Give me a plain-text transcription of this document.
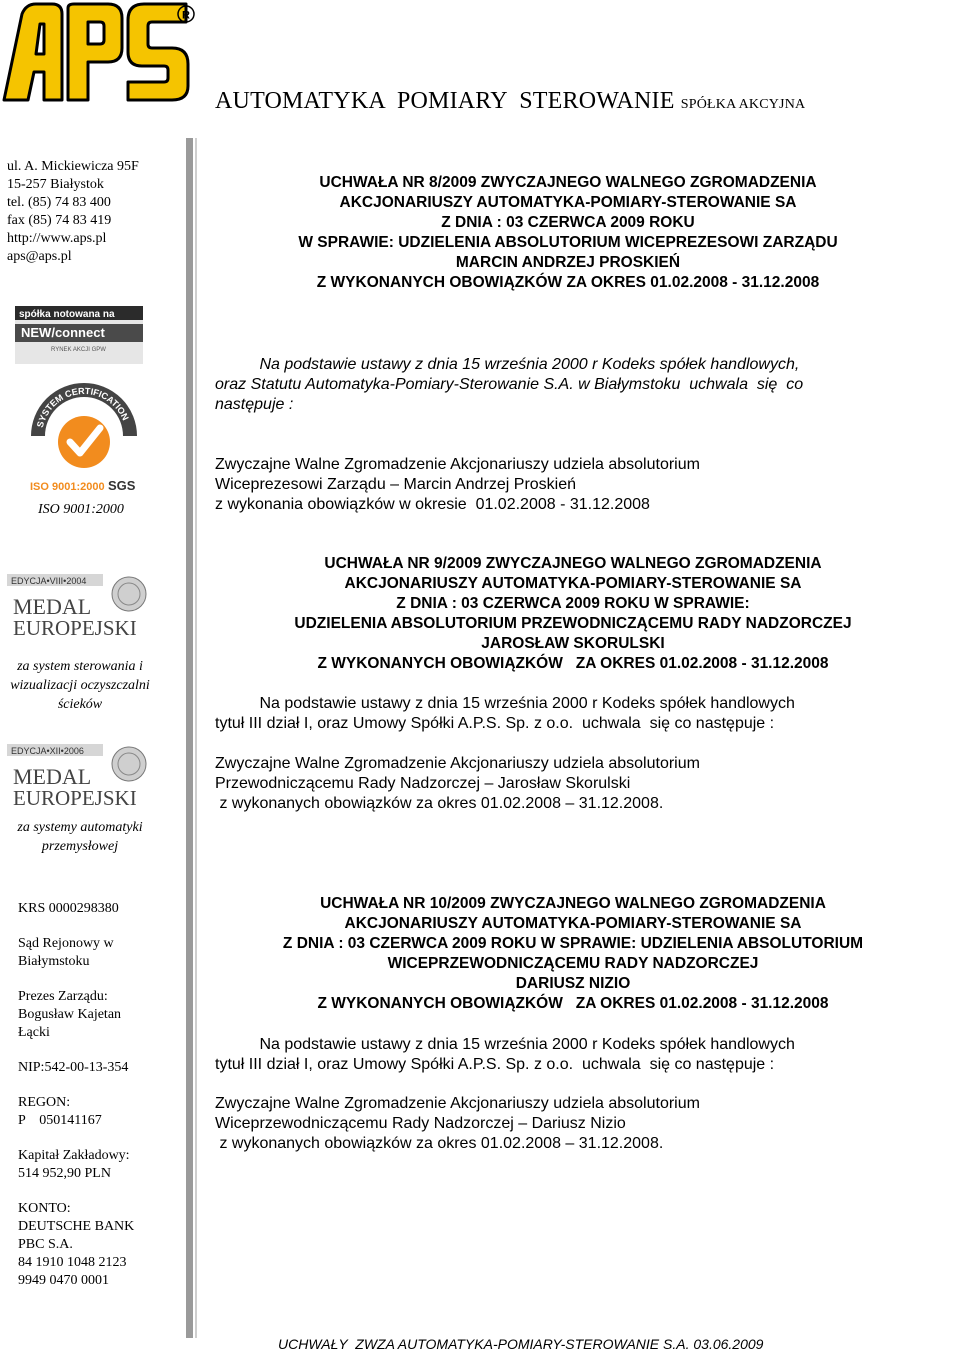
R
AUTOMATYKA  POMIARY  STEROWANIE SPÓŁKA AKCYJNA
ul. A. Mickiewicza 95F
15-257 Białystok
tel. (85) 74 83 400
fax (85) 74 83 419
http://www.aps.pl
aps@aps.pl
spółka notowana na
NEW/connect
RYNEK AKCJI GPW
SYSTEM CERTIFICATION
ISO 9001:2000 SGS
ISO 9001:2000
EDYCJA•VIII•2004
MEDAL
EUROPEJSKI
za system sterowania i
wizualizacji oczyszczalni
ścieków
EDYCJA•XII•2006
MEDAL
EUROPEJSKI
za systemy automatyki
przemysłowej
KRS 0000298380
Sąd Rejonowy w
Białymstoku
Prezes Zarządu:
Bogusław Kajetan
Łącki
NIP:542-00-13-354
REGON:
P    050141167
Kapitał Zakładowy:
514 952,90 PLN
KONTO:
DEUTSCHE BANK
PBC S.A.
84 1910 1048 2123
9949 0470 0001
UCHWAŁA NR 8/2009 ZWYCZAJNEGO WALNEGO ZGROMADZENIA
AKCJONARIUSZY AUTOMATYKA-POMIARY-STEROWANIE SA
Z DNIA : 03 CZERWCA 2009 ROKU
W SPRAWIE: UDZIELENIA ABSOLUTORIUM WICEPREZESOWI ZARZĄDU
MARCIN ANDRZEJ PROSKIEŃ
Z WYKONANYCH OBOWIĄZKÓW ZA OKRES 01.02.2008 - 31.12.2008
Na podstawie ustawy z dnia 15 września 2000 r Kodeks spółek handlowych,
oraz Statutu Automatyka-Pomiary-Sterowanie S.A. w Białymstoku  uchwala  się  co
następuje :
Zwyczajne Walne Zgromadzenie Akcjonariuszy udziela absolutorium
Wiceprezesowi Zarządu – Marcin Andrzej Proskień
z wykonania obowiązków w okresie  01.02.2008 - 31.12.2008
UCHWAŁA NR 9/2009 ZWYCZAJNEGO WALNEGO ZGROMADZENIA
AKCJONARIUSZY AUTOMATYKA-POMIARY-STEROWANIE SA
Z DNIA : 03 CZERWCA 2009 ROKU W SPRAWIE:
UDZIELENIA ABSOLUTORIUM PRZEWODNICZĄCEMU RADY NADZORCZEJ
JAROSŁAW SKORULSKI
Z WYKONANYCH OBOWIĄZKÓW   ZA OKRES 01.02.2008 - 31.12.2008
Na podstawie ustawy z dnia 15 września 2000 r Kodeks spółek handlowych
tytuł III dział I, oraz Umowy Spółki A.P.S. Sp. z o.o.  uchwala  się co następuje :
Zwyczajne Walne Zgromadzenie Akcjonariuszy udziela absolutorium
Przewodniczącemu Rady Nadzorczej – Jarosław Skorulski
z wykonanych obowiązków za okres 01.02.2008 – 31.12.2008.
UCHWAŁA NR 10/2009 ZWYCZAJNEGO WALNEGO ZGROMADZENIA
AKCJONARIUSZY AUTOMATYKA-POMIARY-STEROWANIE SA
Z DNIA : 03 CZERWCA 2009 ROKU W SPRAWIE: UDZIELENIA ABSOLUTORIUM
WICEPRZEWODNICZĄCEMU RADY NADZORCZEJ
DARIUSZ NIZIO
Z WYKONANYCH OBOWIĄZKÓW   ZA OKRES 01.02.2008 - 31.12.2008
Na podstawie ustawy z dnia 15 września 2000 r Kodeks spółek handlowych
tytuł III dział I, oraz Umowy Spółki A.P.S. Sp. z o.o.  uchwala  się co następuje :
Zwyczajne Walne Zgromadzenie Akcjonariuszy udziela absolutorium
Wiceprzewodniczącemu Rady Nadzorczej – Dariusz Nizio
z wykonanych obowiązków za okres 01.02.2008 – 31.12.2008.
UCHWAŁY  ZWZA AUTOMATYKA-POMIARY-STEROWANIE S.A. 03.06.2009
